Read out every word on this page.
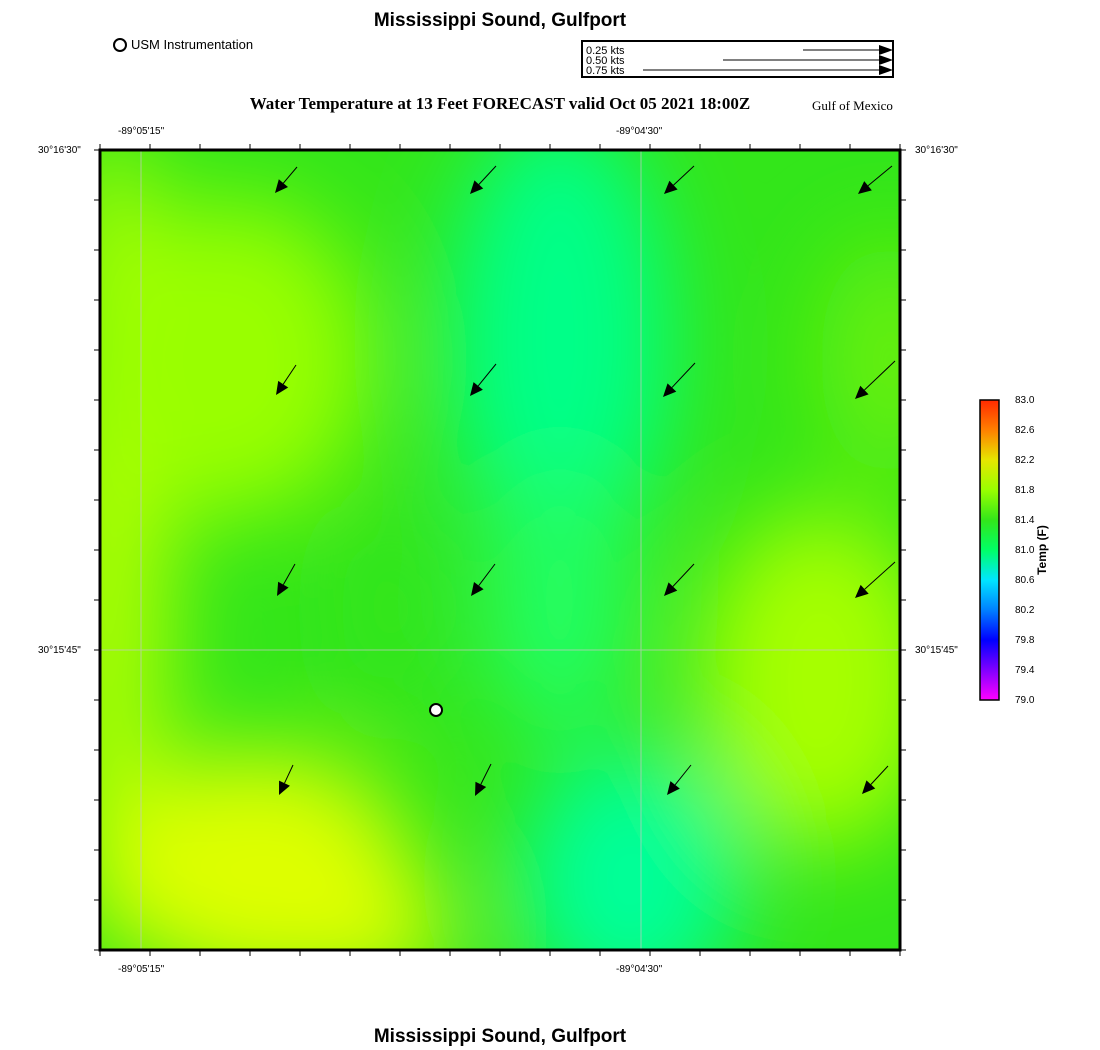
Mississippi Sound, Gulfport
USM Instrumentation	0.25 kts
0.50 kts
0.75 kts
Water Temperature at 13 Feet FORECAST valid Oct 05 2021 18:00Z	Gulf of Mexico
-89°05'15"	-89°04'30"
-89°05'15"	-89°04'30"
30°16'30"
30°15'45"
30°16'30"
30°15'45"
83.0
82.6
82.2
81.8
81.4
81.0
80.6
80.2
79.8
79.4
79.0
Temp (F)
Mississippi Sound, Gulfport
